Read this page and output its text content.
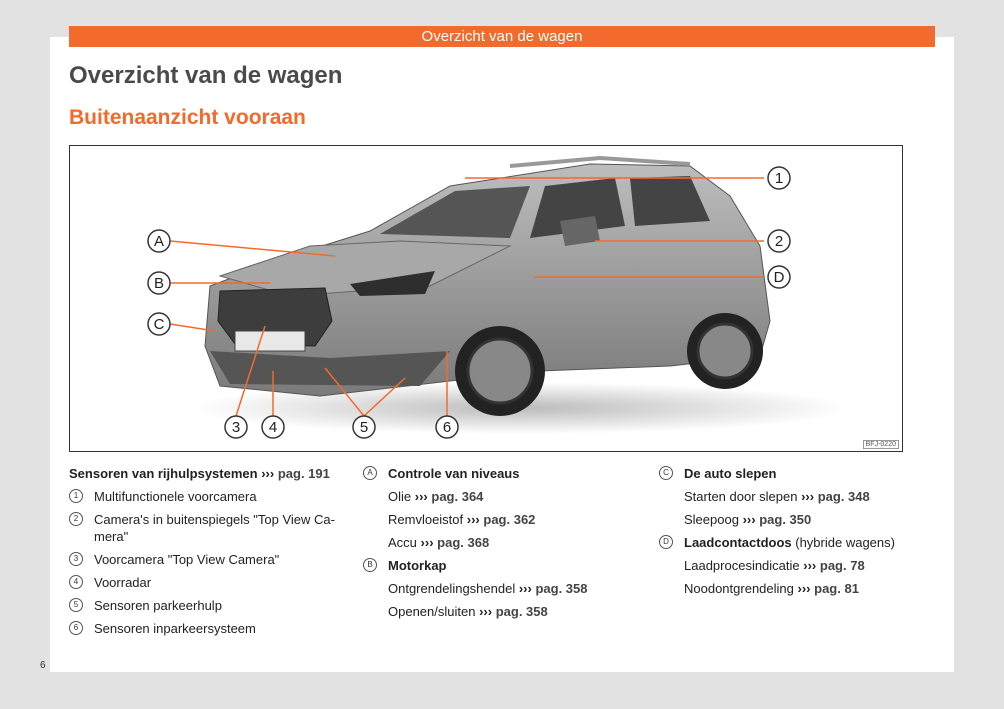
Overzicht van de wagen
Overzicht van de wagen
Buitenaanzicht vooraan
A
B
C
D
1
2
3 4	5	6
BFJ-0220
Sensoren van rijhulpsystemen
›››
pag. 191
1	Multifunctionele voorcamera
2	Camera's in buitenspiegels "Top View Ca-mera"
3	Voorcamera "Top View Camera"
4	Voorradar
5	Sensoren parkeerhulp
6	Sensoren inparkeersysteem
A	Controle van niveaus
Olie ››› pag. 364
Remvloeistof ››› pag. 362
Accu ››› pag. 368
B	Motorkap
Ontgrendelingshendel ››› pag. 358
Openen/sluiten ››› pag. 358
C	De auto slepen
Starten door slepen ››› pag. 348
Sleepoog ››› pag. 350
D	Laadcontactdoos
(hybride wagens)
Laadprocesindicatie ››› pag. 78
Noodontgrendeling ››› pag. 81
6
